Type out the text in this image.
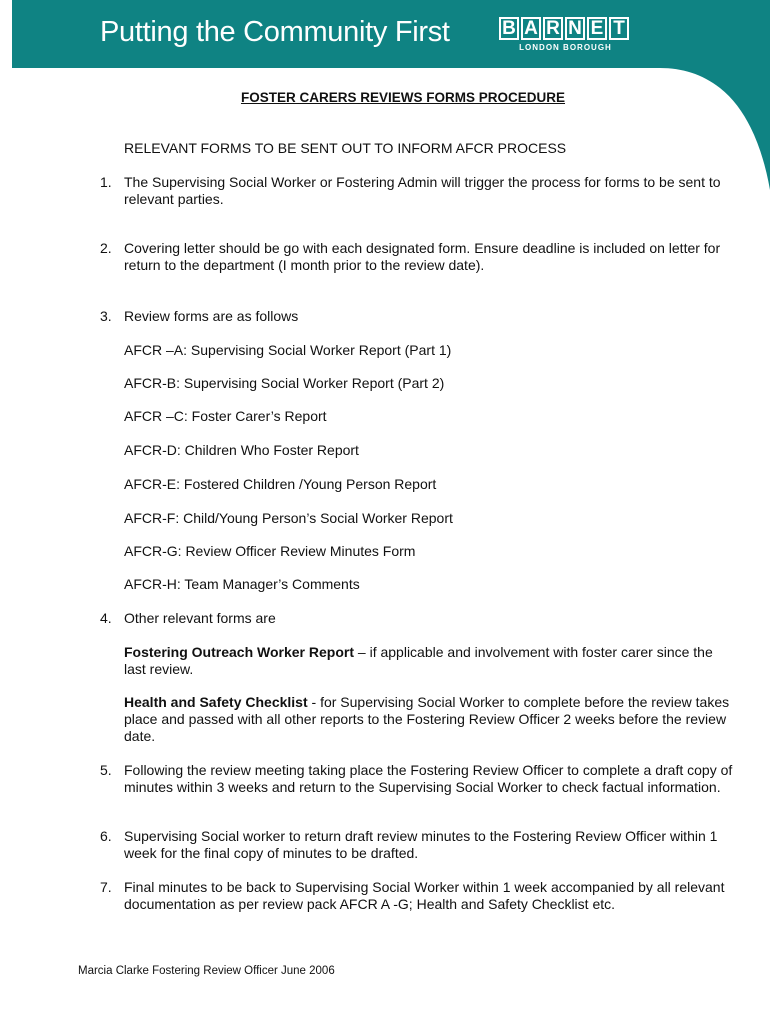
Putting the Community First	B A R N E T
LONDON BOROUGH
FOSTER CARERS REVIEWS FORMS PROCEDURE
RELEVANT FORMS TO BE SENT OUT TO INFORM AFCR PROCESS
1. The Supervising Social Worker or Fostering Admin will trigger the process for forms to be sent to relevant parties.
2. Covering letter should be go with each designated form. Ensure deadline is included on letter for return to the department (I month prior to the review date).
3. Review forms are as follows
AFCR –A: Supervising Social Worker Report (Part 1)
AFCR-B: Supervising Social Worker Report (Part 2)
AFCR –C: Foster Carer’s Report
AFCR-D: Children Who Foster Report
AFCR-E: Fostered Children /Young Person Report
AFCR-F: Child/Young Person’s Social Worker Report
AFCR-G: Review Officer Review Minutes Form
AFCR-H: Team Manager’s Comments
4. Other relevant forms are
Fostering Outreach Worker Report – if applicable and involvement with foster carer since the last review.
Health and Safety Checklist - for Supervising Social Worker to complete before the review takes place and passed with all other reports to the Fostering Review Officer 2 weeks before the review date.
5. Following the review meeting taking place the Fostering Review Officer to complete a draft copy of minutes within 3 weeks and return to the Supervising Social Worker to check factual information.
6. Supervising Social worker to return draft review minutes to the Fostering Review Officer within 1 week for the final copy of minutes to be drafted.
7. Final minutes to be back to Supervising Social Worker within 1 week accompanied by all relevant documentation as per review pack AFCR A -G; Health and Safety Checklist etc.
Marcia Clarke Fostering Review Officer June 2006
